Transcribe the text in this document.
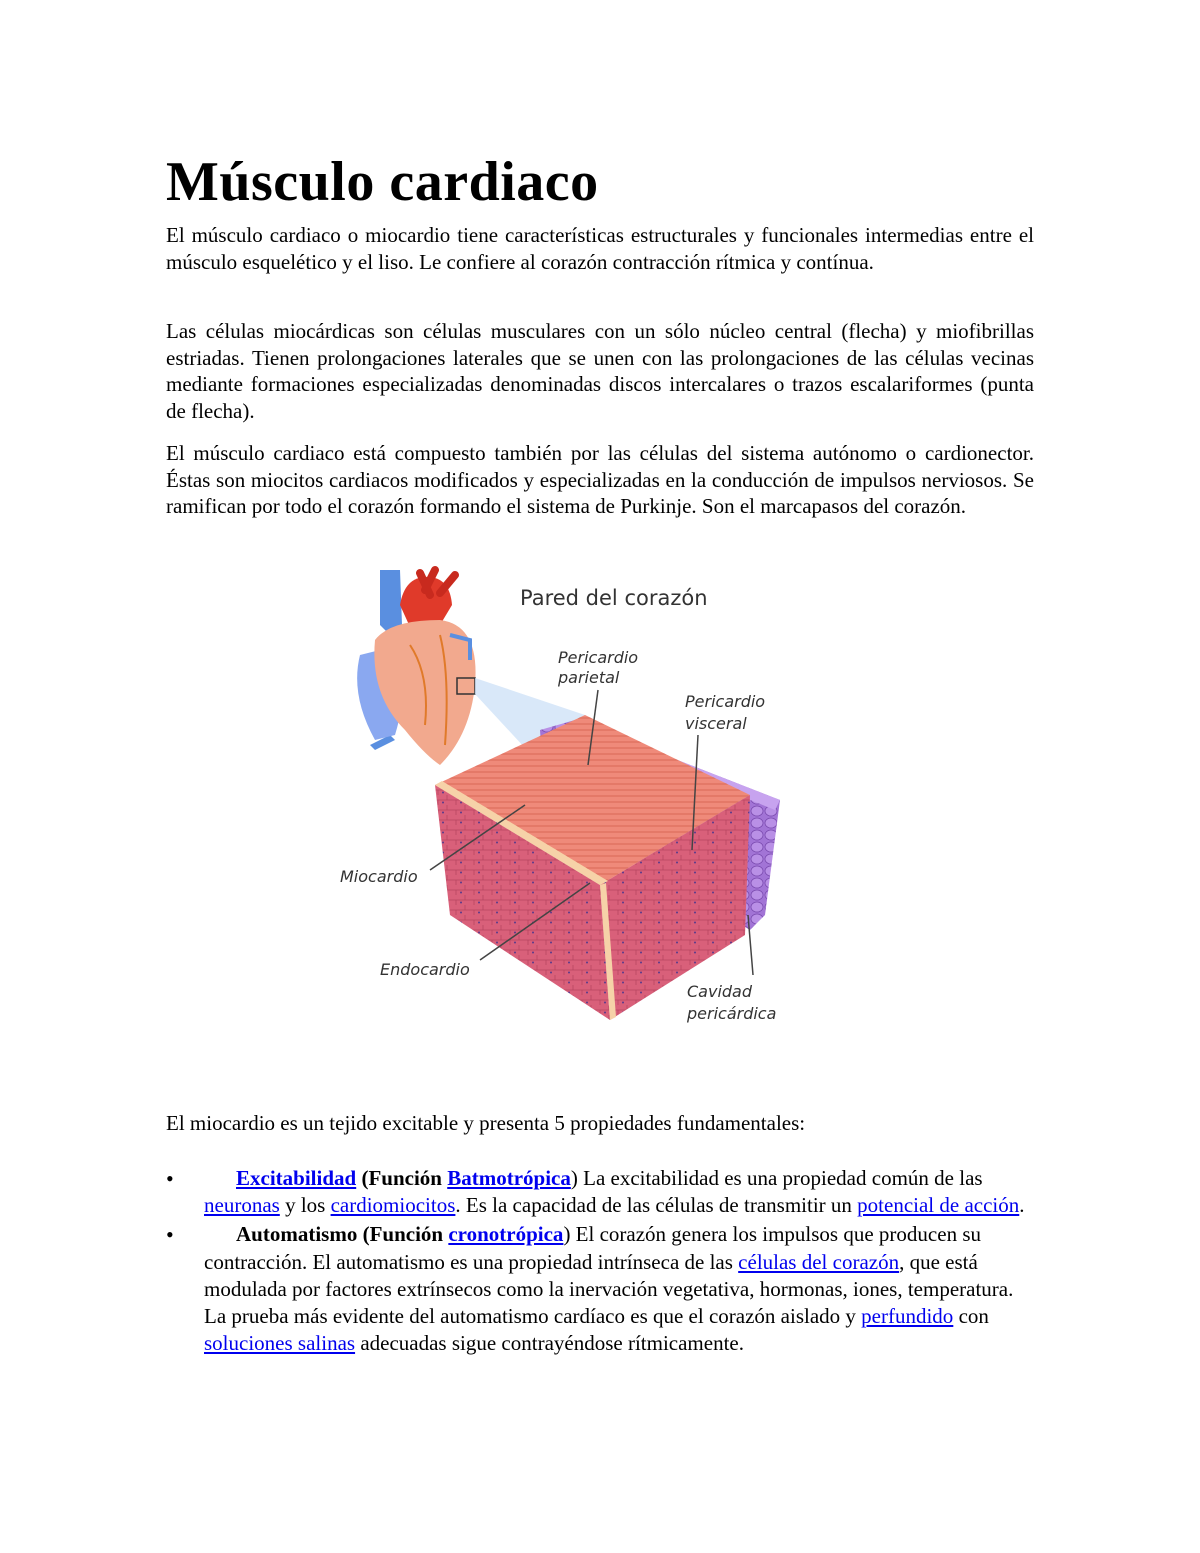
Músculo cardiaco

El músculo cardiaco o miocardio tiene características estructurales y funcionales intermedias entre el músculo esquelético y el liso. Le confiere al corazón contracción rítmica y contínua.

Las células miocárdicas son células musculares con un sólo núcleo central (flecha) y miofibrillas estriadas. Tienen prolongaciones laterales que se unen con las prolongaciones de las células vecinas mediante formaciones especializadas denominadas discos intercalares o trazos escalariformes (punta de flecha).

El músculo cardiaco está compuesto también por las células del sistema autónomo o cardionector. Éstas son miocitos cardiacos modificados y especializadas en la conducción de impulsos nerviosos. Se ramifican por todo el corazón formando el sistema de Purkinje. Son el marcapasos del corazón.

Pared del corazón
Pericardio
parietal
Pericardio
visceral
Miocardio
Endocardio
Cavidad
pericárdica

El miocardio es un tejido excitable y presenta 5 propiedades fundamentales:

•	Excitabilidad (Función Batmotrópica) La excitabilidad es una propiedad común de las neuronas y los cardiomiocitos. Es la capacidad de las células de transmitir un potencial de acción.
•	Automatismo (Función cronotrópica) El corazón genera los impulsos que producen su contracción. El automatismo es una propiedad intrínseca de las células del corazón, que está modulada por factores extrínsecos como la inervación vegetativa, hormonas, iones, temperatura. La prueba más evidente del automatismo cardíaco es que el corazón aislado y perfundido con soluciones salinas adecuadas sigue contrayéndose rítmicamente.
